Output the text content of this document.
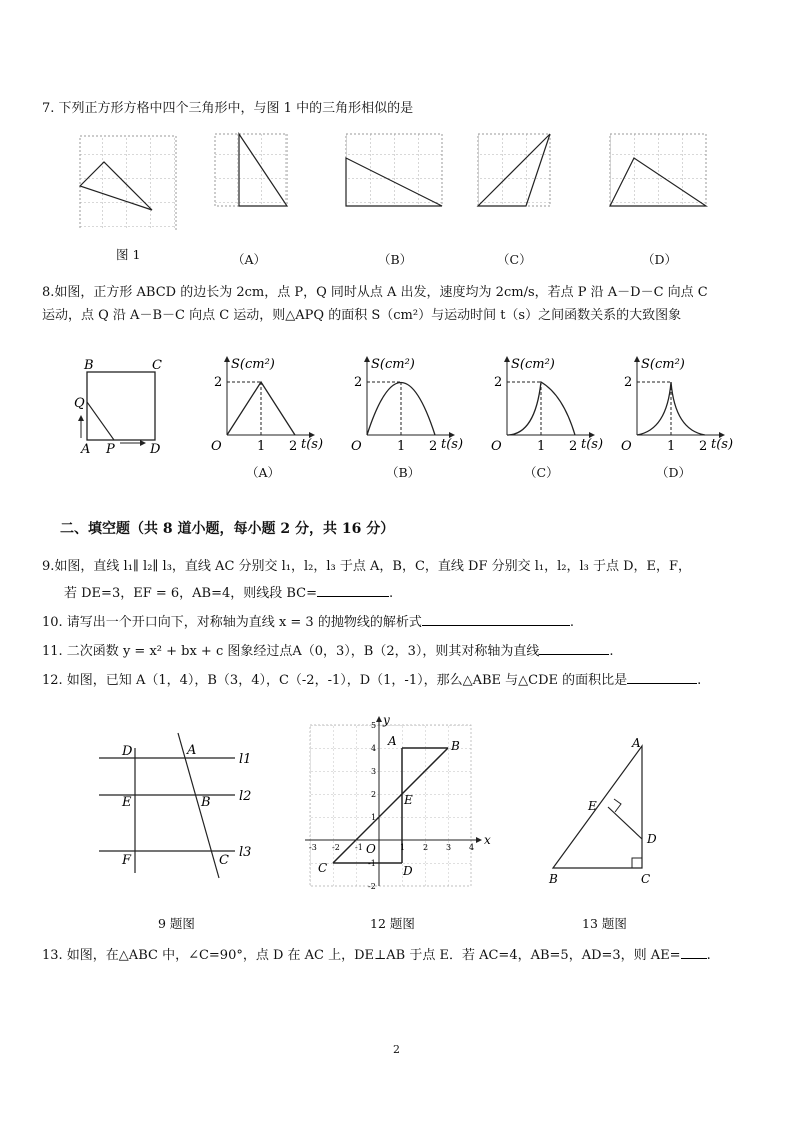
7. 下列正方形方格中四个三角形中，与图 1 中的三角形相似的是
图 1	（A）	（B）	（C）	（D）
8.如图，正方形 ABCD 的边长为 2cm，点 P，Q 同时从点 A 出发，速度均为 2cm/s，若点 P 沿 A－D－C 向点 C
运动，点 Q 沿 A－B－C 向点 C 运动，则△APQ 的面积 S（cm²）与运动时间 t（s）之间函数关系的大致图象
B	C
Q
A P	D
S(cm²)
2
O	1 2 t(s)
S(cm²)
2
O	1 2 t(s)
S(cm²)
2
O	1 2 t(s)
S(cm²)
2
O	1 2 t(s)
（A）	（B）	（C）	（D）
二、填空题（共 8 道小题，每小题 2 分，共 16 分）
9.如图，直线 l₁∥ l₂∥ l₃，直线 AC 分别交 l₁，l₂，l₃ 于点 A，B，C，直线 DF 分别交 l₁，l₂，l₃ 于点 D，E，F，
若 DE=3，EF = 6，AB=4，则线段 BC=	.
10. 请写出一个开口向下，对称轴为直线 x = 3 的抛物线的解析式	.
11. 二次函数 y = x² + bx + c 图象经过点A（0，3），B（2，3），则其对称轴为直线	.
12. 如图，已知 A（1，4），B（3，4），C（-2，-1），D（1，-1），那么△ABE 与△CDE 的面积比是	.
D	A
l1
E	B l2
F	C
l3
9 题图
A	B
E
O
C	D
x
y
-3 -2 -1	1 2 3 4
5
4
3
2
1
-1
-2
12 题图
A
E
D
B	C
13 题图
13. 如图，在△ABC 中，∠C=90°，点 D 在 AC 上，DE⊥AB 于点 E．若 AC=4，AB=5，AD=3，则 AE= .
2
